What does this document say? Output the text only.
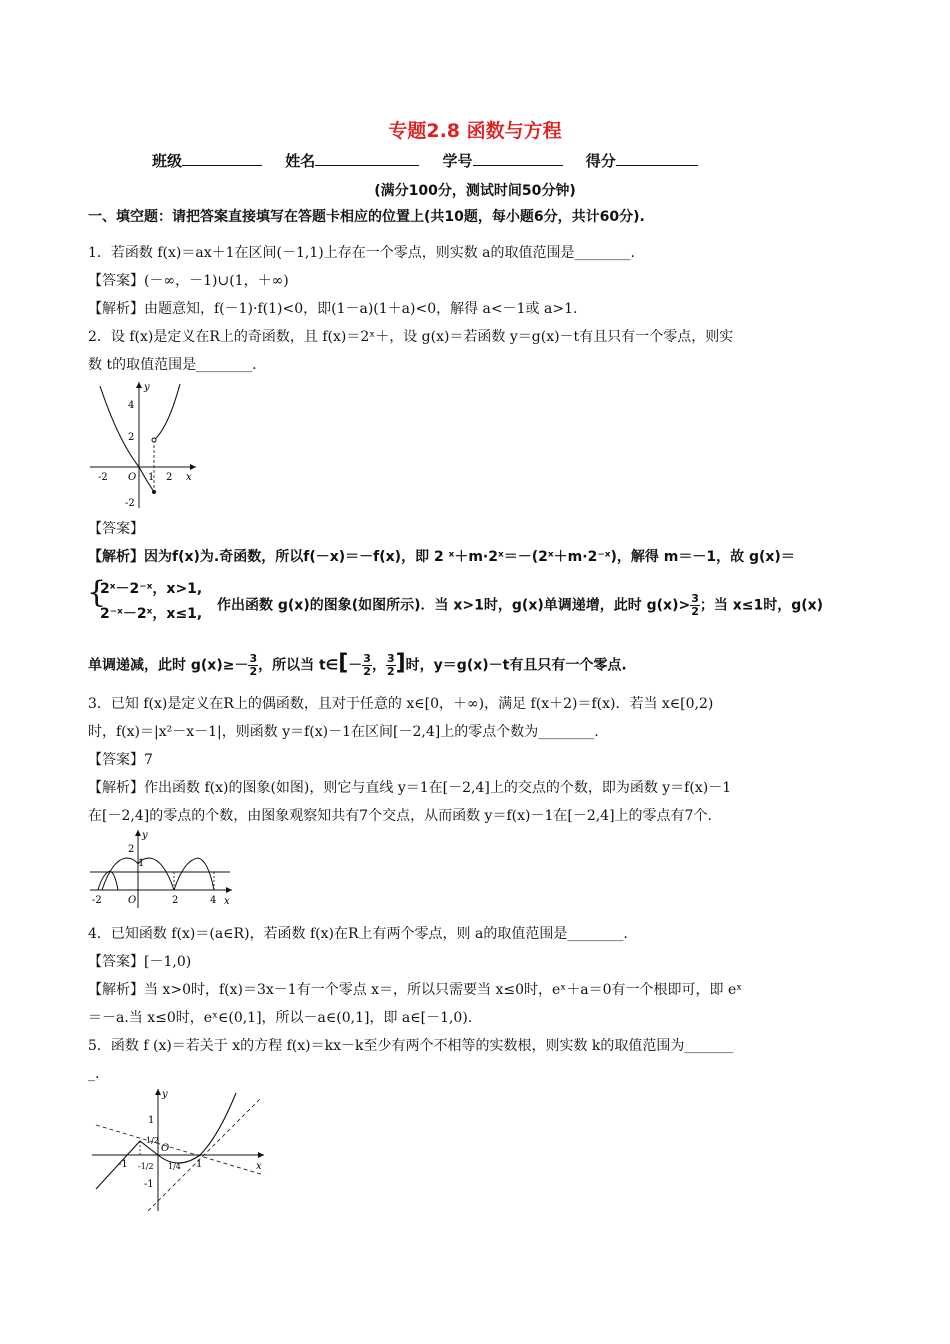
专题2.8 函数与方程
班级	姓名	学号	得分
(满分100分，测试时间50分钟)
一、填空题：请把答案直接填写在答题卡相应的位置上(共10题，每小题6分，共计60分).
1．若函数 f(x)＝ax＋1在区间(－1,1)上存在一个零点，则实数 a的取值范围是________.
【答案】(－∞，－1)∪(1，＋∞)
【解析】由题意知，f(－1)·f(1)<0，即(1－a)(1＋a)<0，解得 a<－1或 a>1.
2．设 f(x)是定义在R上的奇函数，且 f(x)＝2ˣ＋，设 g(x)＝若函数 y＝g(x)－t有且只有一个零点，则实
数 t的取值范围是________.
y
x
O
4
2
-2
-2	1 2
【答案】
【解析】因为f(x)为.奇函数，所以f(－x)＝－f(x)，即 2 ˣ＋m·2ˣ＝－(2ˣ＋m·2⁻ˣ)，解得 m＝－1，故 g(x)＝
{
2ˣ－2⁻ˣ，x>1,
2⁻ˣ－2ˣ，x≤1,
作出函数 g(x)的图象(如图所示)．当 x>1时，g(x)单调递增，此时 $g(x)> \frac{3}{2}$；当 x≤1时，g(x)
单调递减，此时 $g(x)\ge- \frac{3}{2}$，所以当 t∈[－ $\frac{3}{2}$， $\frac{3}{2}$]时，y＝g(x)－t有且只有一个零点.
3．已知 f(x)是定义在R上的偶函数，且对于任意的 x∈[0，＋∞)，满足 f(x＋2)＝f(x)．若当 x∈[0,2)
时，f(x)＝|x²－x－1|，则函数 y＝f(x)－1在区间[－2,4]上的零点个数为________.
【答案】7
【解析】作出函数 f(x)的图象(如图)，则它与直线 y＝1在[－2,4]上的交点的个数，即为函数 y＝f(x)－1
在[－2,4]的零点的个数，由图象观察知共有7个交点，从而函数 y＝f(x)－1在[－2,4]上的零点有7个.
y
x
O
2
1
-2	2	4
4．已知函数 f(x)＝(a∈R)，若函数 f(x)在R上有两个零点，则 a的取值范围是________.
【答案】[－1,0)
【解析】当 x>0时，f(x)＝3x－1有一个零点 x＝，所以只需要当 x≤0时，eˣ＋a＝0有一个根即可，即 eˣ
＝－a.当 x≤0时，eˣ∈(0,1]，所以－a∈(0,1]，即 a∈[－1,0).
5．函数 f (x)＝若关于 x的方程 f(x)＝kx－k至少有两个不相等的实数根，则实数 k的取值范围为_______
_.
y
x
O
1
1/2
-1 -1/2 1/4 1
-1
